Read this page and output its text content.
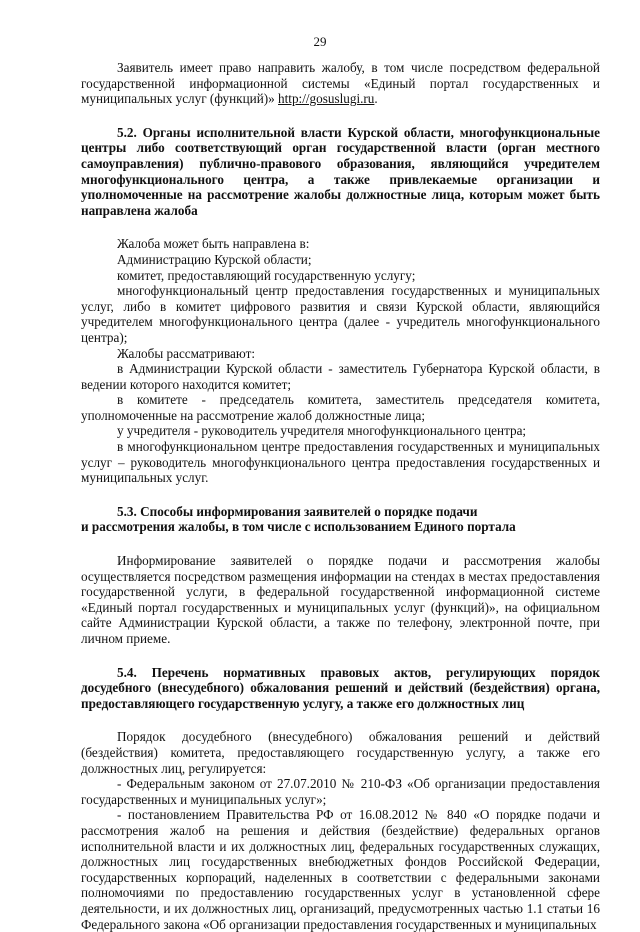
29

Заявитель имеет право направить жалобу, в том числе посредством федеральной государственной информационной системы «Единый портал государственных и муниципальных услуг (функций)» http://gosuslugi.ru.

5.2. Органы исполнительной власти Курской области, многофункциональные центры либо соответствующий орган государственной власти (орган местного самоуправления) публично-правового образования, являющийся учредителем многофункционального центра, а также привлекаемые организации и уполномоченные на рассмотрение жалобы должностные лица, которым может быть направлена жалоба

Жалоба может быть направлена в:

Администрацию Курской области;

комитет, предоставляющий государственную услугу;

многофункциональный центр предоставления государственных и муниципальных услуг, либо в комитет цифрового развития и связи Курской области, являющийся учредителем многофункционального центра (далее - учредитель многофункционального центра);

Жалобы рассматривают:

в Администрации Курской области - заместитель Губернатора Курской области, в ведении которого находится комитет;

в комитете - председатель комитета, заместитель председателя комитета, уполномоченные на рассмотрение жалоб должностные лица;

у учредителя - руководитель учредителя многофункционального центра;

в многофункциональном центре предоставления государственных и муниципальных услуг – руководитель многофункционального центра предоставления государственных и муниципальных услуг.

5.3. Способы информирования заявителей о порядке подачи

и рассмотрения жалобы, в том числе с использованием Единого портала

Информирование заявителей о порядке подачи и рассмотрения жалобы осуществляется посредством размещения информации на стендах в местах предоставления государственной услуги, в федеральной государственной информационной системе «Единый портал государственных и муниципальных услуг (функций)», на официальном сайте Администрации Курской области, а также по телефону, электронной почте, при личном приеме.

5.4. Перечень нормативных правовых актов, регулирующих порядок досудебного (внесудебного) обжалования решений и действий (бездействия) органа, предоставляющего государственную услугу, а также его должностных лиц

Порядок досудебного (внесудебного) обжалования решений и действий (бездействия) комитета, предоставляющего государственную услугу, а также его должностных лиц, регулируется:

- Федеральным законом от 27.07.2010 № 210-ФЗ «Об организации предоставления государственных и муниципальных услуг»;

- постановлением Правительства РФ от 16.08.2012 № 840 «О порядке подачи и рассмотрения жалоб на решения и действия (бездействие) федеральных органов исполнительной власти и их должностных лиц, федеральных государственных служащих, должностных лиц государственных внебюджетных фондов Российской Федерации, государственных корпораций, наделенных в соответствии с федеральными законами полномочиями по предоставлению государственных услуг в установленной сфере деятельности, и их должностных лиц, организаций, предусмотренных частью 1.1 статьи 16 Федерального закона «Об организации предоставления государственных и муниципальных
